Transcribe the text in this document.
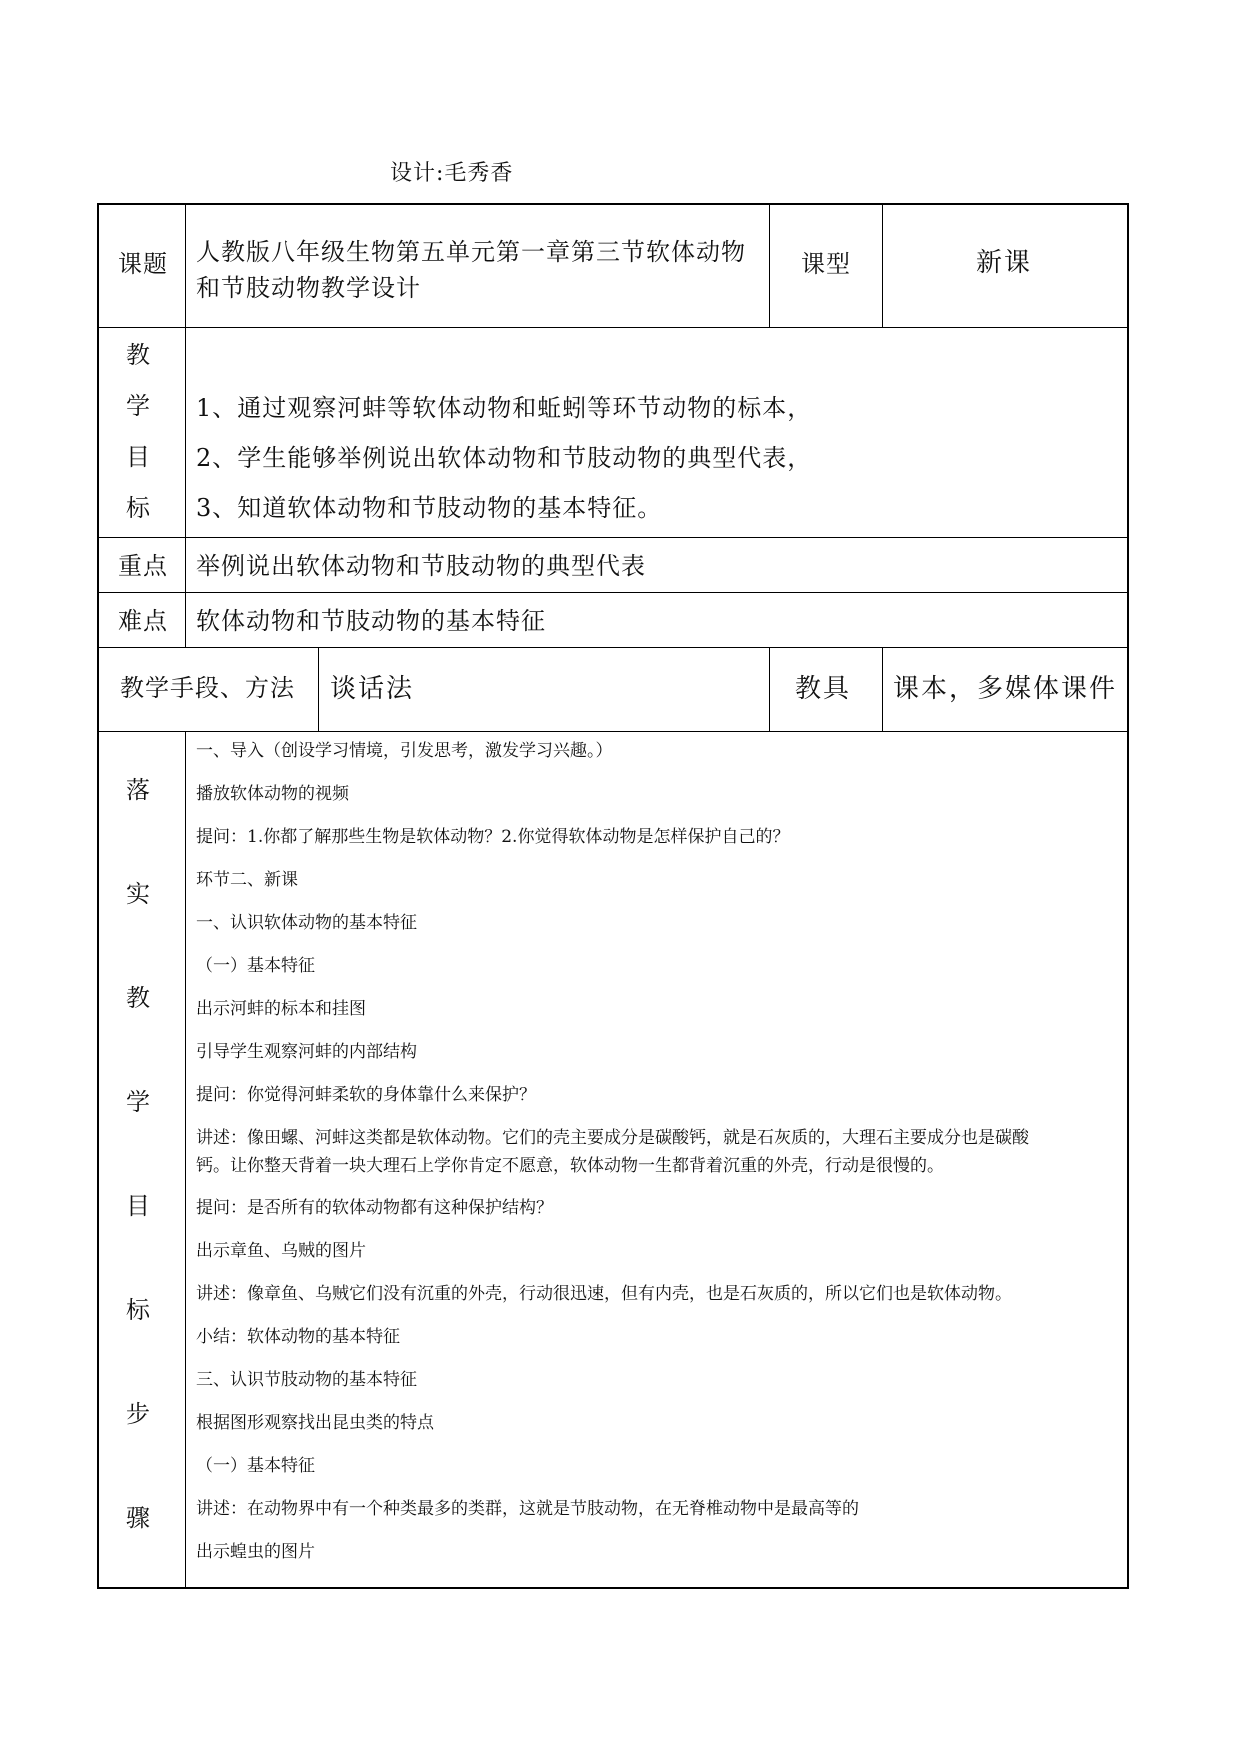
设计:毛秀香
课题 人教版八年级生物第五单元第一章第三节软体动物
和节肢动物教学设计
课型	新课
教
学
目
标
1、通过观察河蚌等软体动物和蚯蚓等环节动物的标本，
2、学生能够举例说出软体动物和节肢动物的典型代表，
3、知道软体动物和节肢动物的基本特征。
重点 举例说出软体动物和节肢动物的典型代表
难点 软体动物和节肢动物的基本特征
教学手段、方法 谈话法	教具 课本，多媒体课件
落
实
教
学
目
标
步
骤
一、导入（创设学习情境，引发思考，激发学习兴趣。）
播放软体动物的视频
提问：1.你都了解那些生物是软体动物？2.你觉得软体动物是怎样保护自己的？
环节二、新课
一、认识软体动物的基本特征
（一）基本特征
出示河蚌的标本和挂图
引导学生观察河蚌的内部结构
提问：你觉得河蚌柔软的身体靠什么来保护？
讲述：像田螺、河蚌这类都是软体动物。它们的壳主要成分是碳酸钙，就是石灰质的，大理石主要成分也是碳酸
钙。让你整天背着一块大理石上学你肯定不愿意，软体动物一生都背着沉重的外壳，行动是很慢的。
提问：是否所有的软体动物都有这种保护结构？
出示章鱼、乌贼的图片
讲述：像章鱼、乌贼它们没有沉重的外壳，行动很迅速，但有内壳，也是石灰质的，所以它们也是软体动物。
小结：软体动物的基本特征
三、认识节肢动物的基本特征
根据图形观察找出昆虫类的特点
（一）基本特征
讲述：在动物界中有一个种类最多的类群，这就是节肢动物，在无脊椎动物中是最高等的
出示蝗虫的图片
